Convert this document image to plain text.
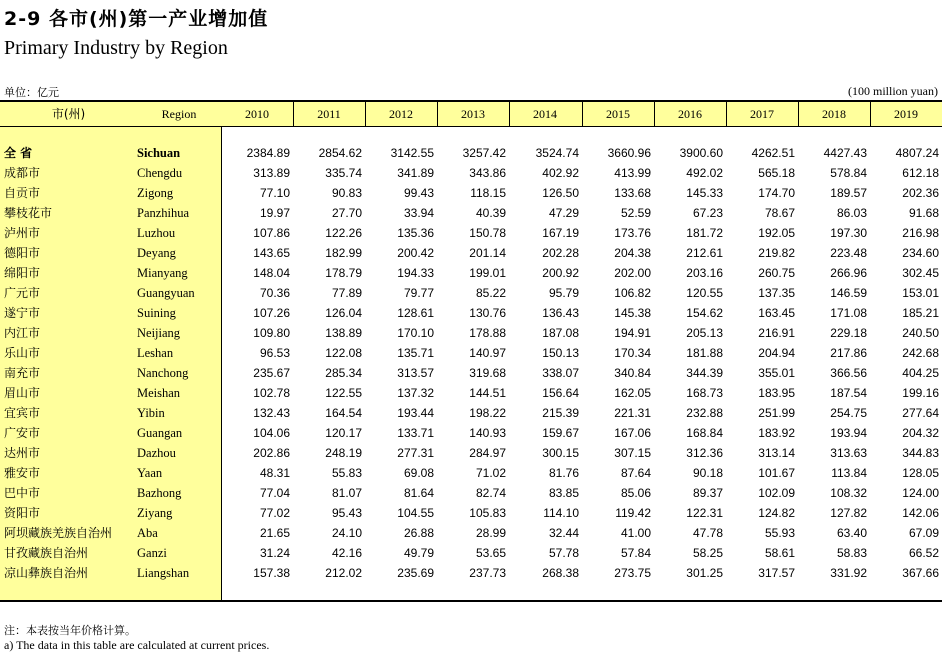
2-9 各市(州)第一产业增加值
Primary Industry by Region
单位：亿元	(100 million yuan)
市(州)	Region	2010	2011	2012	2013	2014	2015	2016	2017	2018	2019
全 省	Sichuan	2384.89	2854.62	3142.55	3257.42	3524.74	3660.96	3900.60	4262.51	4427.43	4807.24
成都市	Chengdu	313.89	335.74	341.89	343.86	402.92	413.99	492.02	565.18	578.84	612.18
自贡市	Zigong	77.10	90.83	99.43	118.15	126.50	133.68	145.33	174.70	189.57	202.36
攀枝花市	Panzhihua	19.97	27.70	33.94	40.39	47.29	52.59	67.23	78.67	86.03	91.68
泸州市	Luzhou	107.86	122.26	135.36	150.78	167.19	173.76	181.72	192.05	197.30	216.98
德阳市	Deyang	143.65	182.99	200.42	201.14	202.28	204.38	212.61	219.82	223.48	234.60
绵阳市	Mianyang	148.04	178.79	194.33	199.01	200.92	202.00	203.16	260.75	266.96	302.45
广元市	Guangyuan	70.36	77.89	79.77	85.22	95.79	106.82	120.55	137.35	146.59	153.01
遂宁市	Suining	107.26	126.04	128.61	130.76	136.43	145.38	154.62	163.45	171.08	185.21
内江市	Neijiang	109.80	138.89	170.10	178.88	187.08	194.91	205.13	216.91	229.18	240.50
乐山市	Leshan	96.53	122.08	135.71	140.97	150.13	170.34	181.88	204.94	217.86	242.68
南充市	Nanchong	235.67	285.34	313.57	319.68	338.07	340.84	344.39	355.01	366.56	404.25
眉山市	Meishan	102.78	122.55	137.32	144.51	156.64	162.05	168.73	183.95	187.54	199.16
宜宾市	Yibin	132.43	164.54	193.44	198.22	215.39	221.31	232.88	251.99	254.75	277.64
广安市	Guangan	104.06	120.17	133.71	140.93	159.67	167.06	168.84	183.92	193.94	204.32
达州市	Dazhou	202.86	248.19	277.31	284.97	300.15	307.15	312.36	313.14	313.63	344.83
雅安市	Yaan	48.31	55.83	69.08	71.02	81.76	87.64	90.18	101.67	113.84	128.05
巴中市	Bazhong	77.04	81.07	81.64	82.74	83.85	85.06	89.37	102.09	108.32	124.00
资阳市	Ziyang	77.02	95.43	104.55	105.83	114.10	119.42	122.31	124.82	127.82	142.06
阿坝藏族羌族自治州 Aba	21.65	24.10	26.88	28.99	32.44	41.00	47.78	55.93	63.40	67.09
甘孜藏族自治州	Ganzi	31.24	42.16	49.79	53.65	57.78	57.84	58.25	58.61	58.83	66.52
凉山彝族自治州	Liangshan	157.38	212.02	235.69	237.73	268.38	273.75	301.25	317.57	331.92	367.66
注：本表按当年价格计算。
a) The data in this table are calculated at current prices.
